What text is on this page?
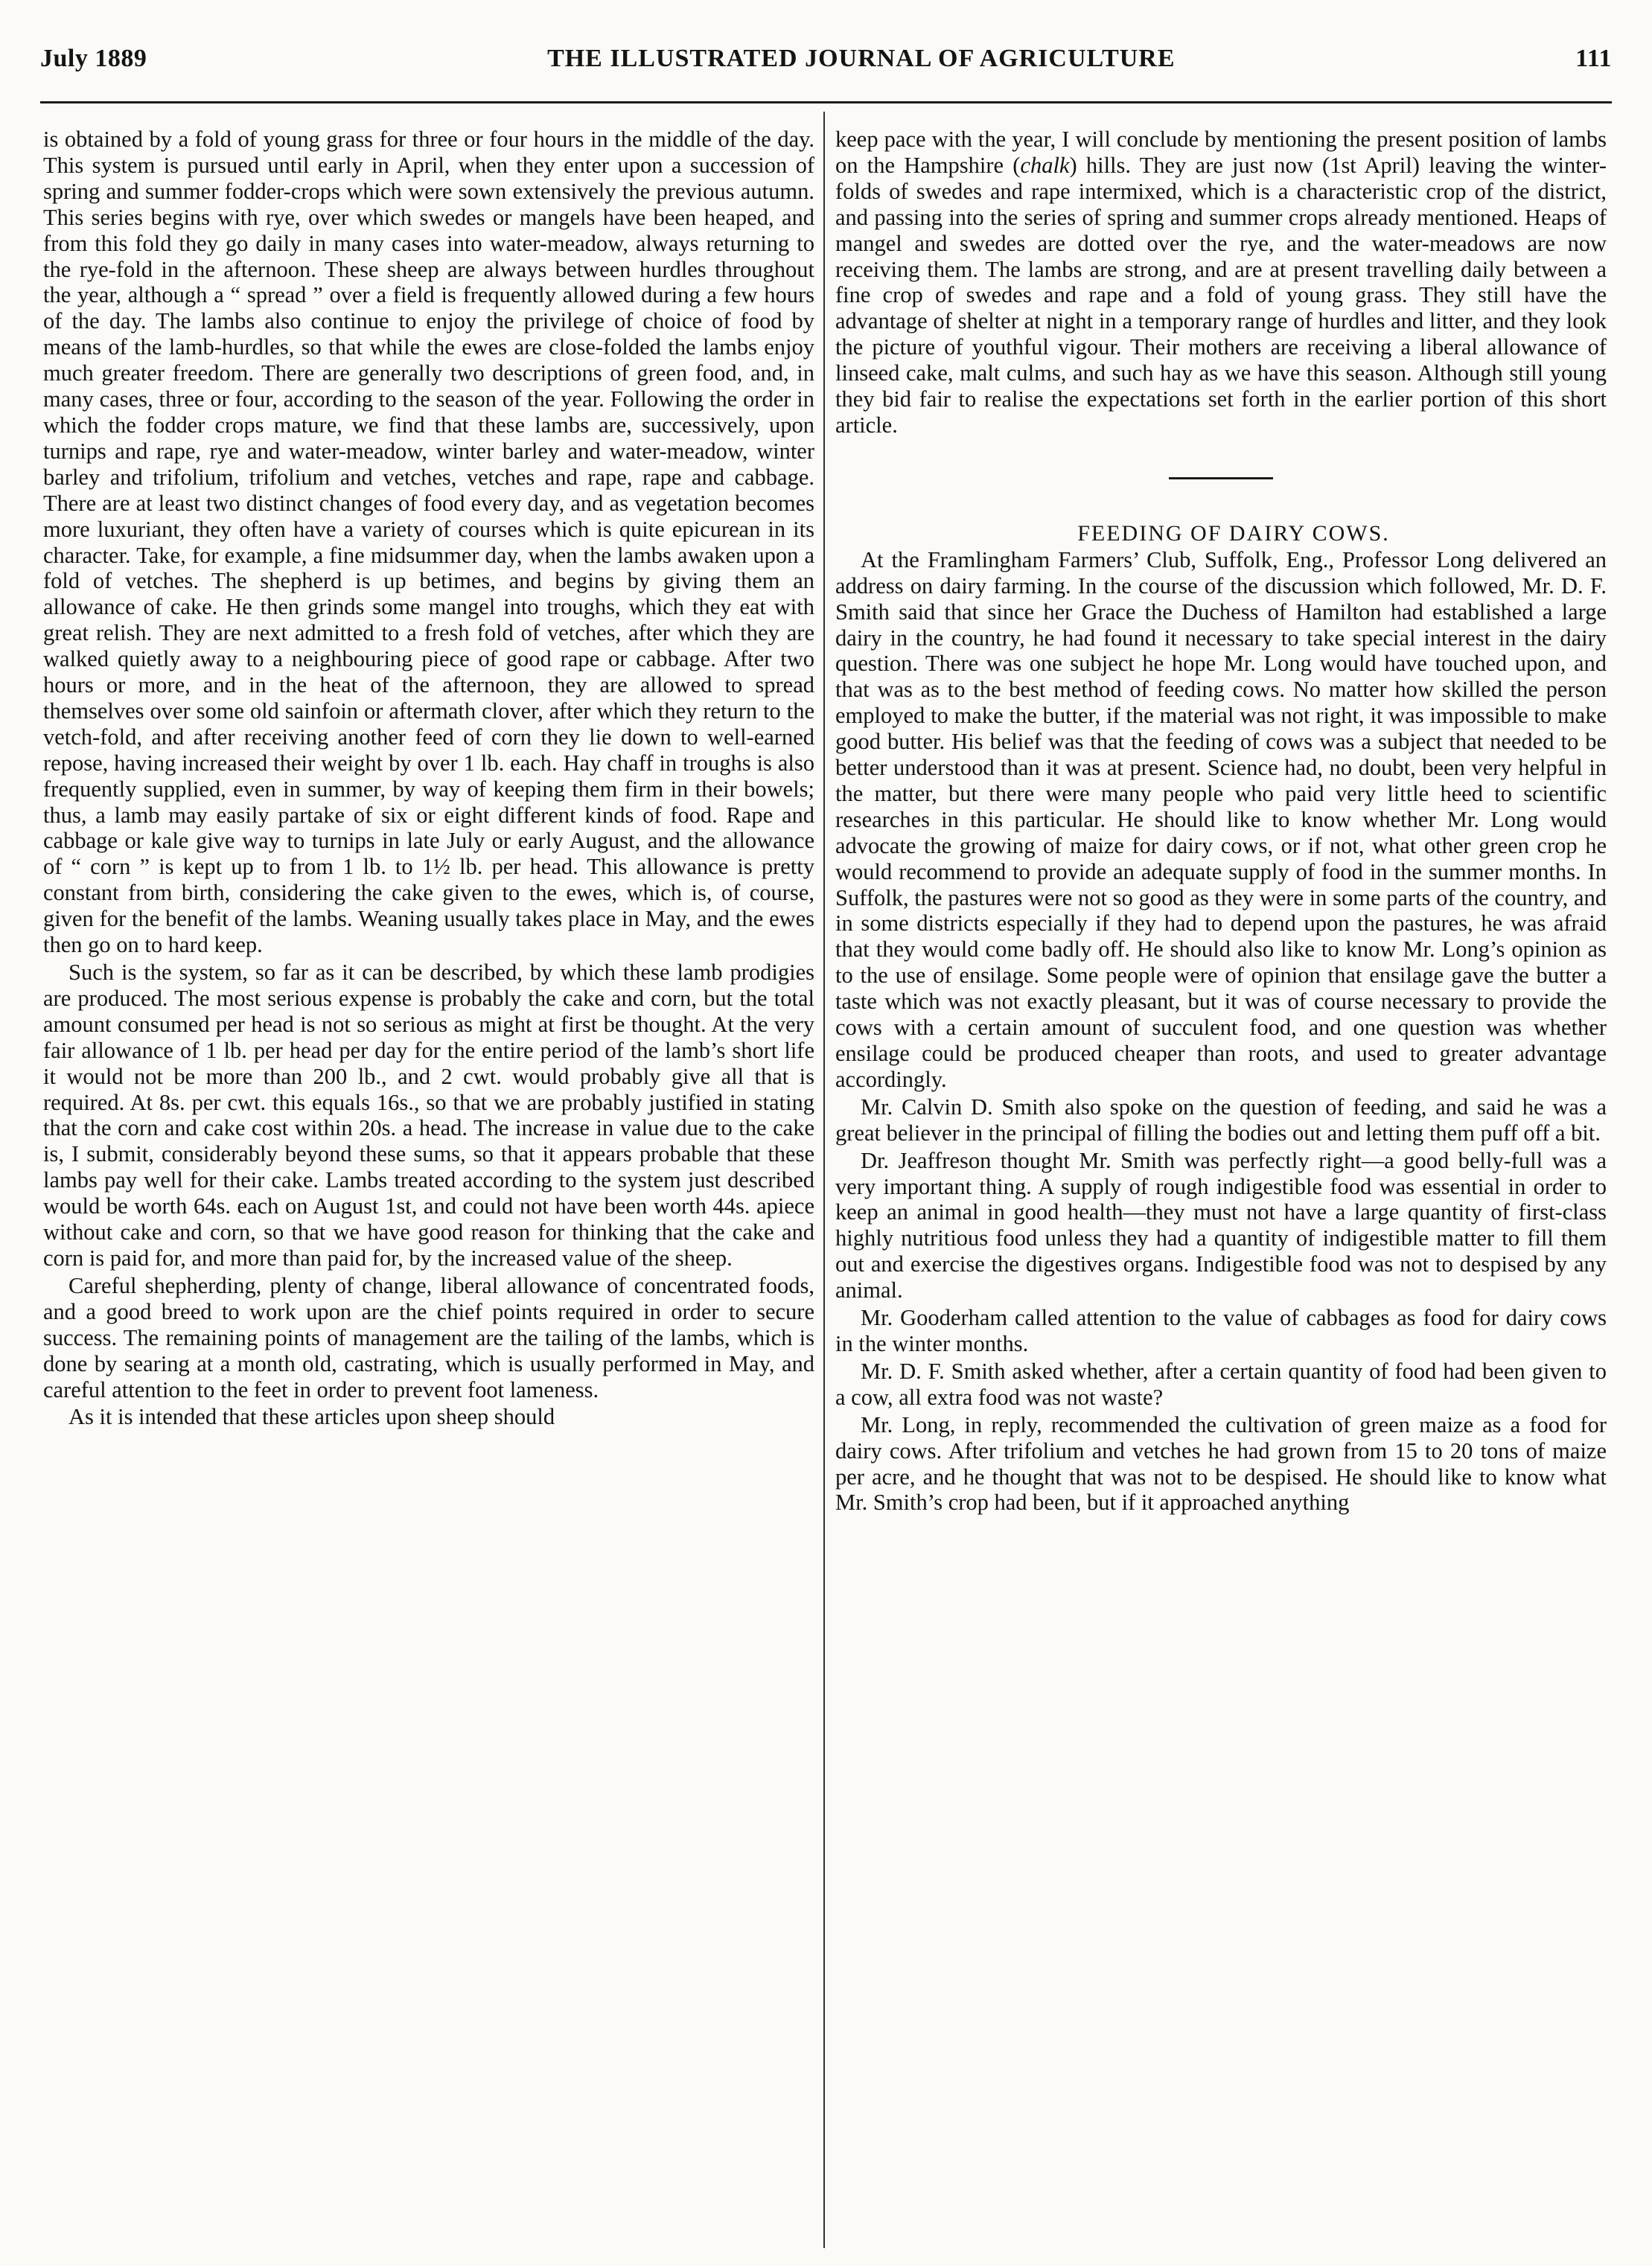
July 1889	THE ILLUSTRATED JOURNAL OF AGRICULTURE	111

is obtained by a fold of young grass for three or four hours in the middle of the day. This system is pursued until early in April, when they enter upon a succession of spring and summer fodder-crops which were sown extensively the previous autumn. This series begins with rye, over which swedes or mangels have been heaped, and from this fold they go daily in many cases into water-meadow, always returning to the rye-fold in the afternoon. These sheep are always between hurdles throughout the year, although a “ spread ” over a field is frequently allowed during a few hours of the day. The lambs also continue to enjoy the privilege of choice of food by means of the lamb-hurdles, so that while the ewes are close-folded the lambs enjoy much greater freedom. There are generally two descriptions of green food, and, in many cases, three or four, according to the season of the year. Following the order in which the fodder crops mature, we find that these lambs are, successively, upon turnips and rape, rye and water-meadow, winter barley and water-meadow, winter barley and trifolium, trifolium and vetches, vetches and rape, rape and cabbage. There are at least two distinct changes of food every day, and as vegetation becomes more luxuriant, they often have a variety of courses which is quite epicurean in its character. Take, for example, a fine midsummer day, when the lambs awaken upon a fold of vetches. The shepherd is up betimes, and begins by giving them an allowance of cake. He then grinds some mangel into troughs, which they eat with great relish. They are next admitted to a fresh fold of vetches, after which they are walked quietly away to a neighbouring piece of good rape or cabbage. After two hours or more, and in the heat of the afternoon, they are allowed to spread themselves over some old sainfoin or aftermath clover, after which they return to the vetch-fold, and after receiving another feed of corn they lie down to well-earned repose, having increased their weight by over 1 lb. each. Hay chaff in troughs is also frequently supplied, even in summer, by way of keeping them firm in their bowels; thus, a lamb may easily partake of six or eight different kinds of food. Rape and cabbage or kale give way to turnips in late July or early August, and the allowance of “ corn ” is kept up to from 1 lb. to 1½ lb. per head. This allowance is pretty constant from birth, considering the cake given to the ewes, which is, of course, given for the benefit of the lambs. Weaning usually takes place in May, and the ewes then go on to hard keep.

Such is the system, so far as it can be described, by which these lamb prodigies are produced. The most serious expense is probably the cake and corn, but the total amount consumed per head is not so serious as might at first be thought. At the very fair allowance of 1 lb. per head per day for the entire period of the lamb’s short life it would not be more than 200 lb., and 2 cwt. would probably give all that is required. At 8s. per cwt. this equals 16s., so that we are probably justified in stating that the corn and cake cost within 20s. a head. The increase in value due to the cake is, I submit, considerably beyond these sums, so that it appears probable that these lambs pay well for their cake. Lambs treated according to the system just described would be worth 64s. each on August 1st, and could not have been worth 44s. apiece without cake and corn, so that we have good reason for thinking that the cake and corn is paid for, and more than paid for, by the increased value of the sheep.

Careful shepherding, plenty of change, liberal allowance of concentrated foods, and a good breed to work upon are the chief points required in order to secure success. The remaining points of management are the tailing of the lambs, which is done by searing at a month old, castrating, which is usually performed in May, and careful attention to the feet in order to prevent foot lameness.

As it is intended that these articles upon sheep should

keep pace with the year, I will conclude by mentioning the present position of lambs on the Hampshire (chalk) hills. They are just now (1st April) leaving the winter-folds of swedes and rape intermixed, which is a characteristic crop of the district, and passing into the series of spring and summer crops already mentioned. Heaps of mangel and swedes are dotted over the rye, and the water-meadows are now receiving them. The lambs are strong, and are at present travelling daily between a fine crop of swedes and rape and a fold of young grass. They still have the advantage of shelter at night in a temporary range of hurdles and litter, and they look the picture of youthful vigour. Their mothers are receiving a liberal allowance of linseed cake, malt culms, and such hay as we have this season. Although still young they bid fair to realise the expectations set forth in the earlier portion of this short article.

FEEDING OF DAIRY COWS.

At the Framlingham Farmers’ Club, Suffolk, Eng., Professor Long delivered an address on dairy farming. In the course of the discussion which followed, Mr. D. F. Smith said that since her Grace the Duchess of Hamilton had established a large dairy in the country, he had found it necessary to take special interest in the dairy question. There was one subject he hope Mr. Long would have touched upon, and that was as to the best method of feeding cows. No matter how skilled the person employed to make the butter, if the material was not right, it was impossible to make good butter. His belief was that the feeding of cows was a subject that needed to be better understood than it was at present. Science had, no doubt, been very helpful in the matter, but there were many people who paid very little heed to scientific researches in this particular. He should like to know whether Mr. Long would advocate the growing of maize for dairy cows, or if not, what other green crop he would recommend to provide an adequate supply of food in the summer months. In Suffolk, the pastures were not so good as they were in some parts of the country, and in some districts especially if they had to depend upon the pastures, he was afraid that they would come badly off. He should also like to know Mr. Long’s opinion as to the use of ensilage. Some people were of opinion that ensilage gave the butter a taste which was not exactly pleasant, but it was of course necessary to provide the cows with a certain amount of succulent food, and one question was whether ensilage could be produced cheaper than roots, and used to greater advantage accordingly.

Mr. Calvin D. Smith also spoke on the question of feeding, and said he was a great believer in the principal of filling the bodies out and letting them puff off a bit.

Dr. Jeaffreson thought Mr. Smith was perfectly right—a good belly-full was a very important thing. A supply of rough indigestible food was essential in order to keep an animal in good health—they must not have a large quantity of first-class highly nutritious food unless they had a quantity of indigestible matter to fill them out and exercise the digestives organs. Indigestible food was not to despised by any animal.

Mr. Gooderham called attention to the value of cabbages as food for dairy cows in the winter months.

Mr. D. F. Smith asked whether, after a certain quantity of food had been given to a cow, all extra food was not waste?

Mr. Long, in reply, recommended the cultivation of green maize as a food for dairy cows. After trifolium and vetches he had grown from 15 to 20 tons of maize per acre, and he thought that was not to be despised. He should like to know what Mr. Smith’s crop had been, but if it approached anything
